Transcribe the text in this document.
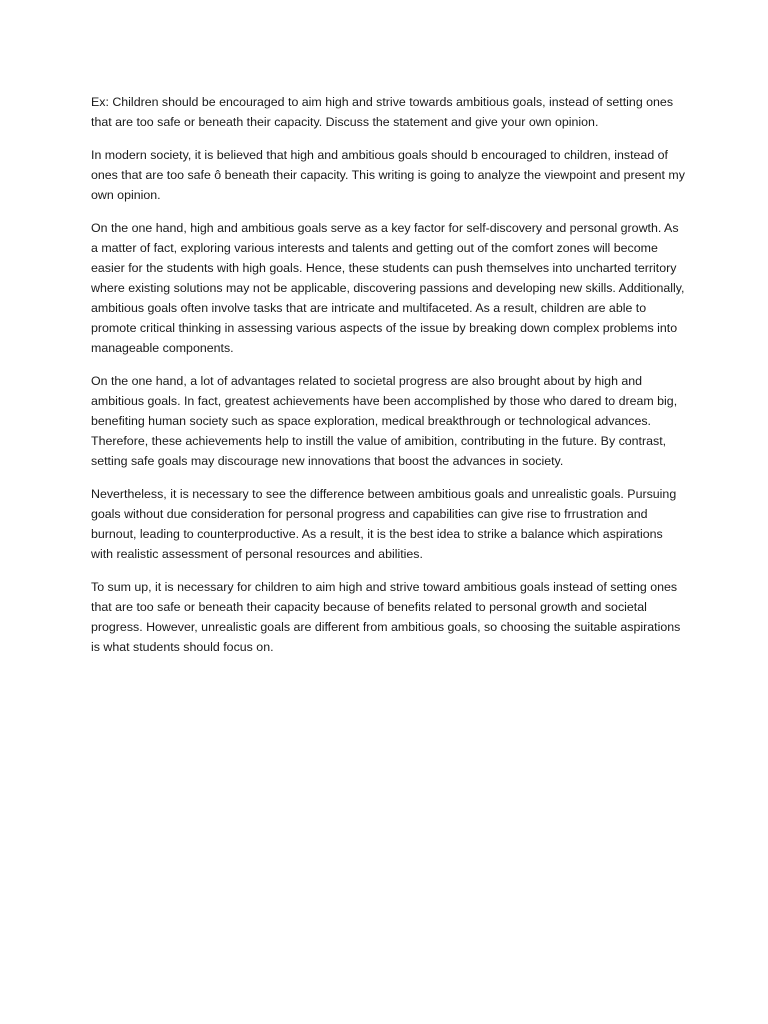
Ex: Children should be encouraged to aim high and strive towards ambitious goals, instead of setting ones that are too safe or beneath their capacity. Discuss the statement and give your own opinion.

In modern society, it is believed that high and ambitious goals should b encouraged to children, instead of ones that are too safe ô beneath their capacity. This writing is going to analyze the viewpoint and present my own opinion.

On the one hand, high and ambitious goals serve as a key factor for self-discovery and personal growth. As a matter of fact, exploring various interests and talents and getting out of the comfort zones will become easier for the students with high goals. Hence, these students can push themselves into uncharted territory where existing solutions may not be applicable, discovering passions and developing new skills. Additionally, ambitious goals often involve tasks that are intricate and multifaceted. As a result, children are able to promote critical thinking in assessing various aspects of the issue by breaking down complex problems into manageable components.

On the one hand, a lot of advantages related to societal progress are also brought about by high and ambitious goals. In fact, greatest achievements have been accomplished by those who dared to dream big, benefiting human society such as space exploration, medical breakthrough or technological advances. Therefore, these achievements help to instill the value of amibition, contributing in the future. By contrast, setting safe goals may discourage new innovations that boost the advances in society.

Nevertheless, it is necessary to see the difference between ambitious goals and unrealistic goals. Pursuing goals without due consideration for personal progress and capabilities can give rise to frrustration and burnout, leading to counterproductive. As a result, it is the best idea to strike a balance which aspirations with realistic assessment of personal resources and abilities.

To sum up, it is necessary for children to aim high and strive toward ambitious goals instead of setting ones that are too safe or beneath their capacity because of benefits related to personal growth and societal progress. However, unrealistic goals are different from ambitious goals, so choosing the suitable aspirations is what students should focus on.
